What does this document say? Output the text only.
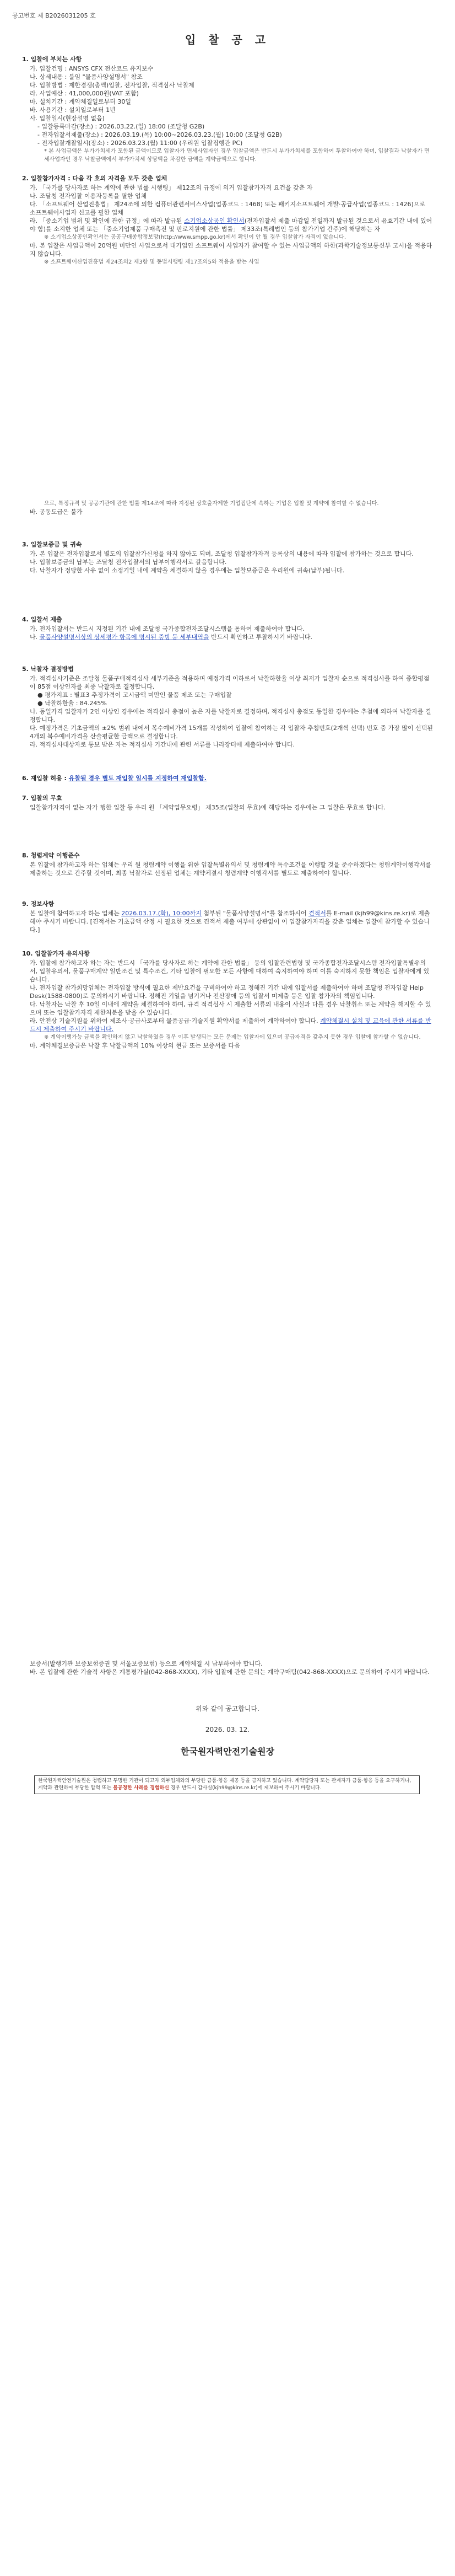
공고번호 제 B2026031205 호
입 찰 공 고
1. 입찰에 부치는 사항
가. 입찰건명 : ANSYS CFX 전산코드 유지보수
나. 상세내용 : 붙임 "물품사양설명서" 참조
다. 입찰방법 : 제한경쟁(총액)입찰, 전자입찰, 적격심사 낙찰제
라. 사업예산 : 41,000,000원(VAT 포함)
마. 설치기간 : 계약체결일로부터 30일
바. 사용기간 : 설치일로부터 1년
사. 입찰일시(현장설명 없음)
- 입찰등록마감(장소) : 2026.03.22.(일) 18:00 (조달청 G2B)
- 전자입찰서제출(장소) : 2026.03.19.(목) 10:00~2026.03.23.(월) 10:00 (조달청 G2B)
- 전자입찰개찰일시(장소) : 2026.03.23.(월) 11:00 (우리원 입찰집행관 PC)
* 본 사업금액은 부가가치세가 포함된 금액이므로 입찰자가 면세사업자인 경우 입찰금액은 반드시 부가가치세를 포함하여 투찰하여야 하며, 입찰결과 낙찰자가 면세사업자인 경우 낙찰금액에서 부가가치세 상당액을 차감한 금액을 계약금액으로 합니다.
2. 입찰참가자격 : 다음 각 호의 자격을 모두 갖춘 업체
가. 「국가를 당사자로 하는 계약에 관한 법률 시행령」 제12조의 규정에 의거 입찰참가자격 요건을 갖춘 자
나. 조달청 전자입찰 이용자등록을 필한 업체
다. 「소프트웨어 산업진흥법」 제24조에 의한 컴퓨터관련서비스사업(업종코드 : 1468) 또는 패키지소프트웨어 개발·공급사업(업종코드 : 1426)으로 소프트웨어사업자 신고를 필한 업체
라. 「중소기업 범위 및 확인에 관한 규정」에 따라 발급된 소기업소상공인 확인서(전자입찰서 제출 마감일 전일까지 발급된 것으로서 유효기간 내에 있어야 함)를 소지한 업체 또는 「중소기업제품 구매촉진 및 판로지원에 관한 법률」 제33조(특례법인 등의 참가기업 간주)에 해당하는 자
※ 소기업소상공인확인서는 공공구매종합정보망(http://www.smpp.go.kr)에서 확인이 안 될 경우 입찰참가 자격이 없습니다.
마. 본 입찰은 사업금액이 20억원 미만인 사업으로서 대기업인 소프트웨어 사업자가 참여할 수 있는 사업금액의 하한(과학기술정보통신부 고시)을 적용하지 않습니다.
※ 소프트웨어산업진흥법 제24조의2 제3항 및 동법시행령 제17조의5와 적용을 받는 사업
으로, 특정규격 및 공공기관에 관한 법률 제14조에 따라 지정된 상호출자제한 기업집단에 속하는 기업은 입찰 및 계약에 참여할 수 없습니다.
바. 공동도급은 불가
3. 입찰보증금 및 귀속
가. 본 입찰은 전자입찰로서 별도의 입찰참가신청을 하지 않아도 되며, 조달청 입찰참가자격 등록상의 내용에 따라 입찰에 참가하는 것으로 합니다.
나. 입찰보증금의 납부는 조달청 전자입찰서의 납부이행각서로 갈음합니다.
다. 낙찰자가 정당한 사유 없이 소정기일 내에 계약을 체결하지 않을 경우에는 입찰보증금은 우리원에 귀속(납부)됩니다.
4. 입찰서 제출
가. 전자입찰서는 반드시 지정된 기간 내에 조달청 국가종합전자조달시스템을 통하여 제출하여야 합니다.
나. 물품사양설명서상의 상세평가 항목에 명시된 증빙 등 세부내역을 반드시 확인하고 투찰하시기 바랍니다.
5. 낙찰자 결정방법
가. 적격심사기준은 조달청 물품구매적격심사 세부기준을 적용하며 예정가격 이하로서 낙찰하한율 이상 최저가 입찰자 순으로 적격심사를 하여 종합평점이 85점 이상인자를 최종 낙찰자로 결정합니다.
● 평가지표 : 별표3 추정가격이 고시금액 미만인 물품 제조 또는 구매입찰
● 낙찰하한율 : 84.245%
나. 동일가격 입찰자가 2인 이상인 경우에는 적격심사 총점이 높은 자를 낙찰자로 결정하며, 적격심사 총점도 동일한 경우에는 추첨에 의하여 낙찰자를 결정합니다.
다. 예정가격은 기초금액의 ±2% 범위 내에서 복수예비가격 15개를 작성하여 입찰에 참여하는 각 입찰자 추첨번호(2개씩 선택) 번호 중 가장 많이 선택된 4개의 복수예비가격을 산술평균한 금액으로 결정합니다.
라. 적격심사대상자로 통보 받은 자는 적격심사 기간내에 관련 서류를 나라장터에 제출하여야 합니다.
6. 재입찰 허용 : 유찰될 경우 별도 재입찰 일시를 지정하여 재입찰함.
7. 입찰의 무효
입찰참가자격이 없는 자가 행한 입찰 등 우리 원 「계약업무요령」 제35조(입찰의 무효)에 해당하는 경우에는 그 입찰은 무효로 합니다.
8. 청렴계약 이행준수
본 입찰에 참가하고자 하는 업체는 우리 원 청렴계약 이행을 위한 입찰특별유의서 및 청렴계약 특수조건을 이행할 것을 준수하겠다는 청렴계약이행각서를 제출하는 것으로 간주할 것이며, 최종 낙찰자로 선정된 업체는 계약체결시 청렴계약 이행각서를 별도로 제출하여야 합니다.
9. 정보사항
본 입찰에 참여하고자 하는 업체는 2026.03.17.(화), 10:00까지 첨부된 "물품사양설명서"를 참조하시어 견적서를 E-mail (kjh99@kins.re.kr)로 제출해야 주시기 바랍니다. [견적서는 기초금액 산정 시 필요한 것으로 견적서 제출 여부에 상관없이 이 입찰참가자격을 갖춘 업체는 입찰에 참가할 수 있습니다.]
10. 입찰참가자 유의사항
가. 입찰에 참가하고자 하는 자는 반드시 「국가를 당사자로 하는 계약에 관한 법률」 등의 입찰관련법령 및 국가종합전자조달시스템 전자입찰특별유의서, 입찰유의서, 물품구매계약 일반조건 및 특수조건, 기타 입찰에 필요한 모든 사항에 대하여 숙지하여야 하며 이를 숙지하지 못한 책임은 입찰자에게 있습니다.
나. 전자입찰 참가희망업체는 전자입찰 방식에 필요한 제반요건을 구비하여야 하고 정해진 기간 내에 입찰서를 제출하여야 하며 조달청 전자입찰 Help Desk(1588-0800)로 문의하시기 바랍니다. 정해진 기일을 넘기거나 전산장애 등의 입찰서 미제출 등은 입찰 참가자의 책임입니다.
다. 낙찰자는 낙찰 후 10일 이내에 계약을 체결하여야 하며, 규격 적격심사 시 제출한 서류의 내용이 사실과 다를 경우 낙찰취소 또는 계약을 해지할 수 있으며 또는 입찰참가자격 제한처분을 받을 수 있습니다.
라. 안전상 기술지원을 위하여 제조사·공급사로부터 물품공급·기술지원 확약서를 제출하여 계약하여야 합니다. 계약체결시 설치 및 교육에 관한 서류를 반드시 제출하여 주시기 바랍니다.
※ 계약이행가능 금액을 확인하지 않고 낙찰하였을 경우 이후 발생되는 모든 문제는 입찰자에 있으며 공급자격을 갖추지 못한 경우 입찰에 참가할 수 없습니다.
마. 계약체결보증금은 낙찰 후 낙찰금액의 10% 이상의 현금 또는 보증서를 다음
보증서(발행기관 보증보험증권 및 서울보증보험) 등으로 계약체결 시 납부하여야 합니다.
바. 본 입찰에 관한 기술적 사항은 계통평가실(042-868-XXXX), 기타 입찰에 관한 문의는 계약구매팀(042-868-XXXX)으로 문의하여 주시기 바랍니다.
위와 같이 공고합니다.
2026. 03. 12.
한국원자력안전기술원장
한국원자력안전기술원은 청렴하고 투명한 기관이 되고자 외부업체와의 부당한 금품·향응 제공 등을 금지하고 있습니다. 계약담당자 또는 관계자가 금품·향응 등을 요구하거나, 계약과 관련하여 부당한 압력 또는 불공정한 사례를 경험하신 경우 반드시 감사실(kjh99@kins.re.kr)에 제보하여 주시기 바랍니다.
